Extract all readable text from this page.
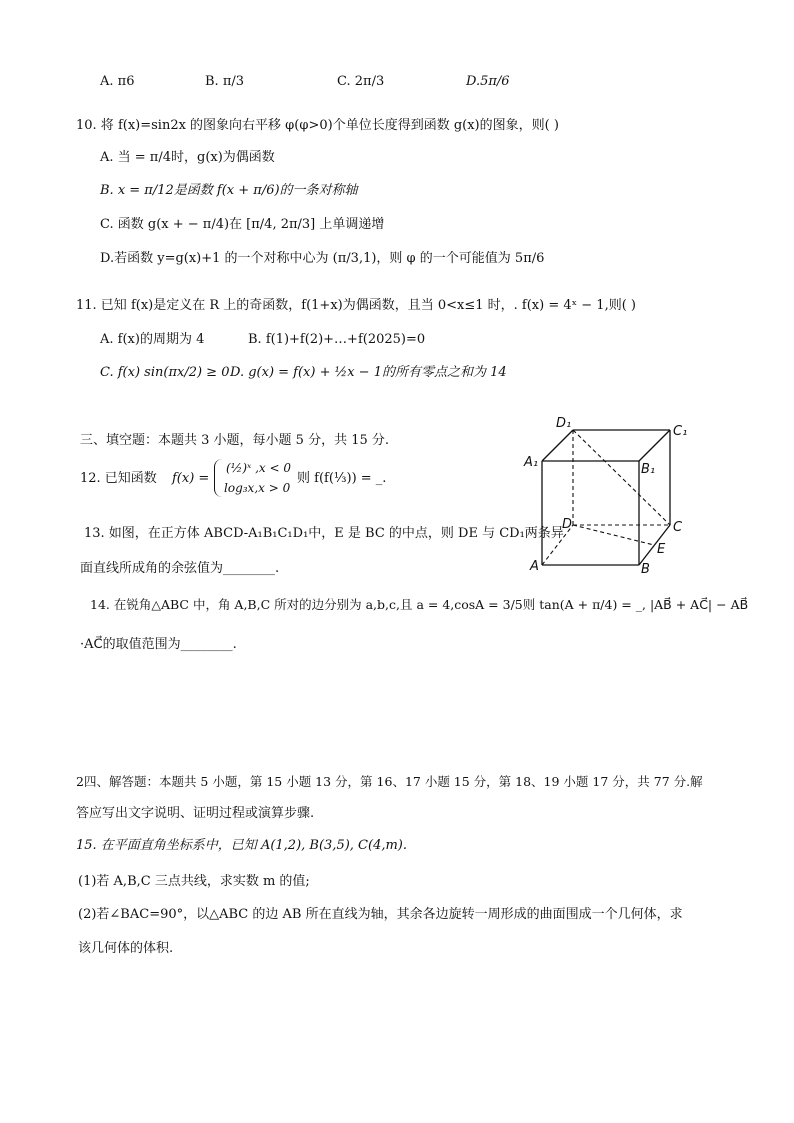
A. π6	B. π/3	C. 2π/3	D.5π/6
10. 将 f(x)=sin2x 的图象向右平移 φ(φ>0)个单位长度得到函数 g(x)的图象，则( )
A. 当 = π/4时，g(x)为偶函数
B. x = π/12是函数 f(x + π/6)的一条对称轴
C. 函数 g(x + − π/4)在 [π/4, 2π/3] 上单调递增
D.若函数 y=g(x)+1 的一个对称中心为 (π/3,1)，则 φ 的一个可能值为 5π/6
11. 已知 f(x)是定义在 R 上的奇函数，f(1+x)为偶函数，且当 0<x≤1 时，. f(x) = 4ˣ − 1,则( )
A. f(x)的周期为 4	B. f(1)+f(2)+…+f(2025)=0
C. f(x) sin(πx/2) ≥ 0 D. g(x) = f(x) + ½x − 1的所有零点之和为 14
三、填空题：本题共 3 小题，每小题 5 分，共 15 分.
12. 已知函数 f(x) =
(½)ˣ ,x < 0
log₃x,x > 0
则 f(f(⅓)) = _.
13. 如图，在正方体 ABCD-A₁B₁C₁D₁中，E 是 BC 的中点，则 DE 与 CD₁两条异
面直线所成角的余弦值为________.
14. 在锐角△ABC 中，角 A,B,C 所对的边分别为 a,b,c,且 a = 4,cosA = 3/5则 tan(A + π/4) = _, |AB⃗ + AC⃗| − AB⃗
·AC⃗的取值范围为________.
2四、解答题：本题共 5 小题，第 15 小题 13 分，第 16、17 小题 15 分，第 18、19 小题 17 分，共 77 分.解
答应写出文字说明、证明过程或演算步骤.
15. 在平面直角坐标系中，已知 A(1,2), B(3,5), C(4,m).
(1)若 A,B,C 三点共线，求实数 m 的值;
(2)若∠BAC=90°，以△ABC 的边 AB 所在直线为轴，其余各边旋转一周形成的曲面围成一个几何体，求
该几何体的体积.
D₁
C₁
A₁	B₁
D	C
E
A	B
